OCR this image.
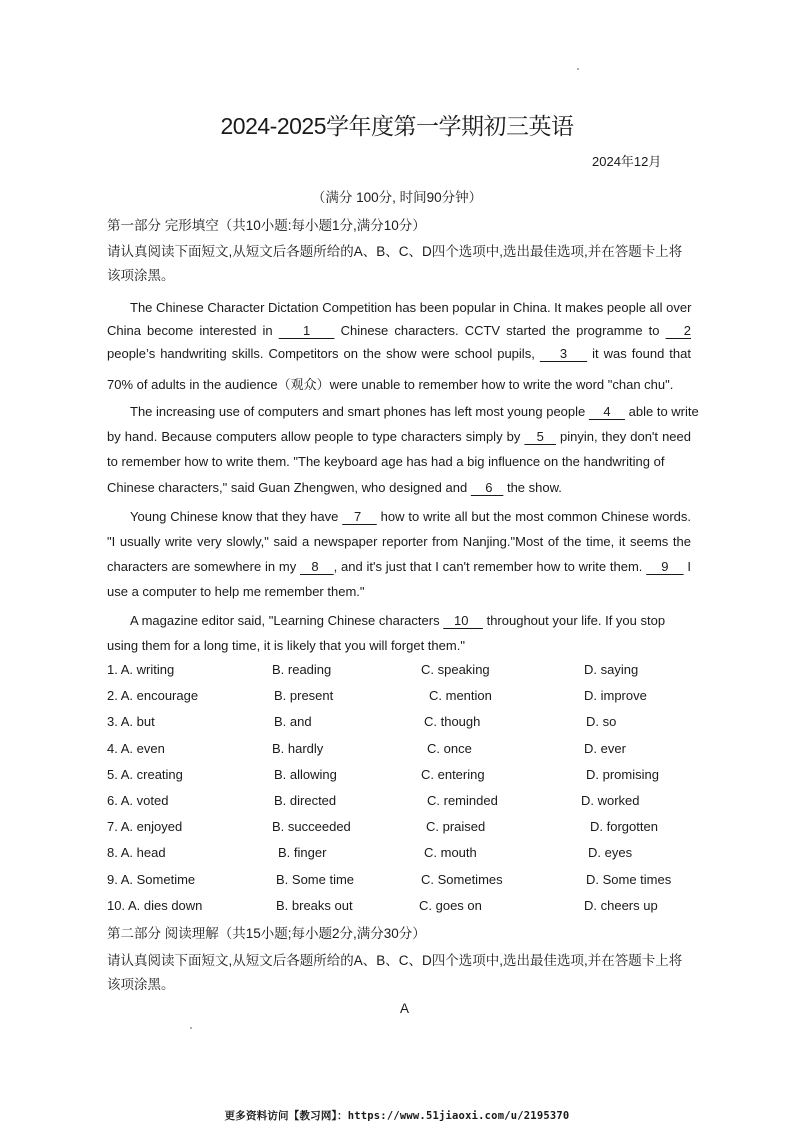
2024-2025学年度第一学期初三英语
2024年12月
（满分 100分, 时间90分钟）
第一部分 完形填空（共10小题:每小题1分,满分10分）
请认真阅读下面短文,从短文后各题所给的A、B、C、D四个选项中,选出最佳选项,并在答题卡上将该项涂黑。
The Chinese Character Dictation Competition has been popular in China. It makes people all over
China become interested in     1     Chinese characters. CCTV started the programme to    2
people’s handwriting skills. Competitors on the show were school pupils,     3     it was found that
70% of adults in the audience（观众）were unable to remember how to write the word "chan chu".
The increasing use of computers and smart phones has left most young people     4     able to write
by hand. Because computers allow people to type characters simply by    5    pinyin, they don't need
to remember how to write them. "The keyboard age has had a big influence on the handwriting of
Chinese characters," said Guan Zhengwen, who designed and     6    the show.
Young Chinese know that they have    7     how to write all but the most common Chinese words.
"I usually write very slowly," said a newspaper reporter from Nanjing."Most of the time, it seems the
characters are somewhere in my    8    , and it's just that I can't remember how to write them.     9     I
use a computer to help me remember them."
A magazine editor said, "Learning Chinese characters    10     throughout your life. If you stop
using them for a long time, it is likely that you will forget them."
1. A. writing	B. reading	C. speaking	D. saying
2. A. encourage	B. present	C. mention	D. improve
3. A. but	B. and	C. though	D. so
4. A. even	B. hardly	C. once	D. ever
5. A. creating	B. allowing	C. entering	D. promising
6. A. voted	B. directed	C. reminded	D. worked
7. A. enjoyed	B. succeeded	C. praised	D. forgotten
8. A. head	B. finger	C. mouth	D. eyes
9. A. Sometime	B. Some time	C. Sometimes	D. Some times
10. A. dies down	B. breaks out	C. goes on	D. cheers up
第二部分 阅读理解（共15小题;每小题2分,满分30分）
请认真阅读下面短文,从短文后各题所给的A、B、C、D四个选项中,选出最佳选项,并在答题卡上将该项涂黑。
A
更多资料访问【教习网】：https://www.51jiaoxi.com/u/2195370
